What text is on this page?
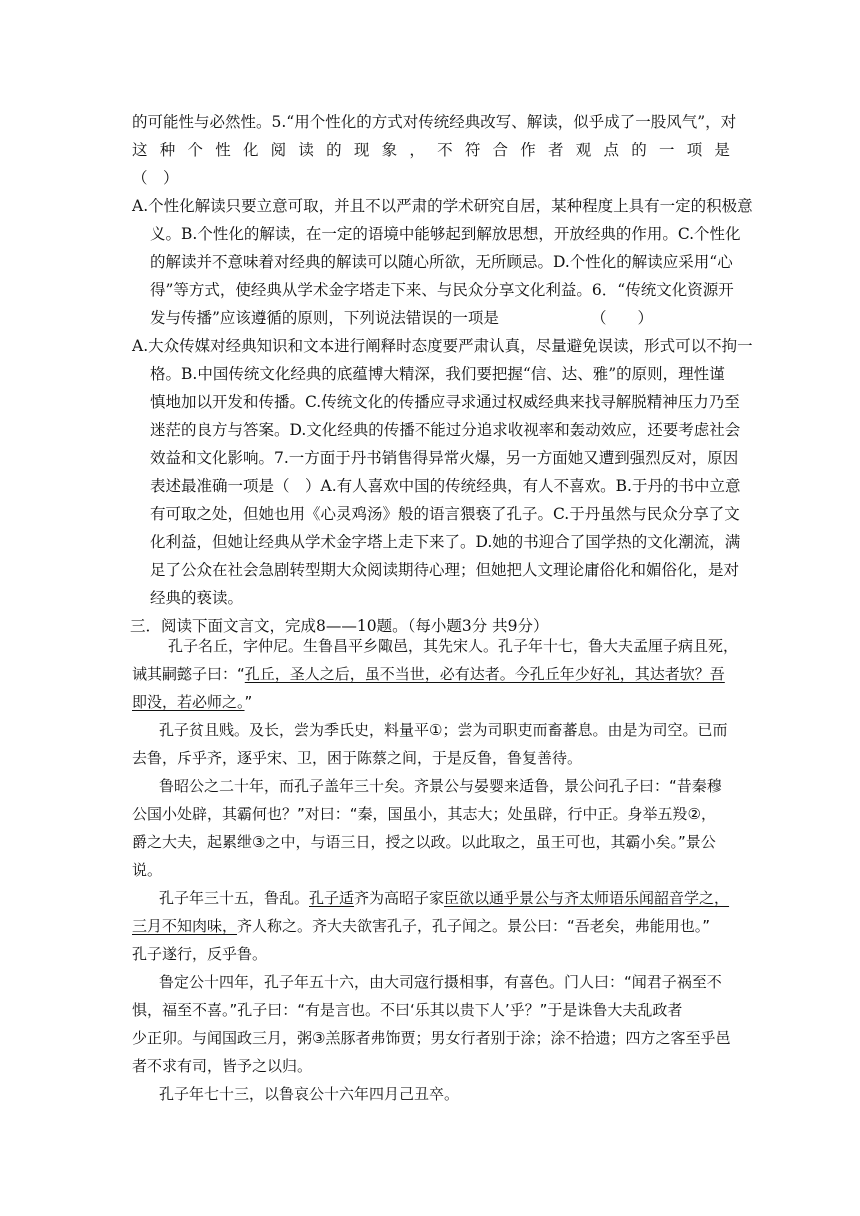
的可能性与必然性。5.“用个性化的方式对传统经典改写、解读，似乎成了一股风气”，对
这 种 个 性 化 阅 读 的 现 象 ， 不 符 合 作 者 观 点 的 一 项 是
（　）
A.个性化解读只要立意可取，并且不以严肃的学术研究自居，某种程度上具有一定的积极意
义。B.个性化的解读，在一定的语境中能够起到解放思想，开放经典的作用。C.个性化
的解读并不意味着对经典的解读可以随心所欲，无所顾忌。D.个性化的解读应采用“心
得”等方式，使经典从学术金字塔走下来、与民众分享文化利益。6．“传统文化资源开
发与传播”应该遵循的原则，下列说法错误的一项是	（　　）
A.大众传媒对经典知识和文本进行阐释时态度要严肃认真，尽量避免误读，形式可以不拘一
格。B.中国传统文化经典的底蕴博大精深，我们要把握“信、达、雅”的原则，理性谨
慎地加以开发和传播。C.传统文化的传播应寻求通过权威经典来找寻解脱精神压力乃至
迷茫的良方与答案。D.文化经典的传播不能过分追求收视率和轰动效应，还要考虑社会
效益和文化影响。7.一方面于丹书销售得异常火爆，另一方面她又遭到强烈反对，原因
表述最准确一项是（　）A.有人喜欢中国的传统经典，有人不喜欢。B.于丹的书中立意
有可取之处，但她也用《心灵鸡汤》般的语言猥亵了孔子。C.于丹虽然与民众分享了文
化利益，但她让经典从学术金字塔上走下来了。D.她的书迎合了国学热的文化潮流，满
足了公众在社会急剧转型期大众阅读期待心理；但她把人文理论庸俗化和媚俗化，是对
经典的亵读。
三．阅读下面文言文，完成8——10题。（每小题3分 共9分）
孔子名丘，字仲尼。生鲁昌平乡陬邑，其先宋人。孔子年十七，鲁大夫孟厘子病且死，
诫其嗣懿子曰：“孔丘，圣人之后，虽不当世，必有达者。今孔丘年少好礼，其达者欤？吾
即没，若必师之。”
孔子贫且贱。及长，尝为季氏史，料量平①；尝为司职吏而畜蕃息。由是为司空。已而
去鲁，斥乎齐，逐乎宋、卫，困于陈蔡之间，于是反鲁，鲁复善待。
鲁昭公之二十年，而孔子盖年三十矣。齐景公与晏婴来适鲁，景公问孔子曰：“昔秦穆
公国小处辟，其霸何也？”对曰：“秦，国虽小，其志大；处虽辟，行中正。身举五羖②，
爵之大夫，起累绁③之中，与语三日，授之以政。以此取之，虽王可也，其霸小矣。”景公
说。
孔子年三十五，鲁乱。孔子适齐为高昭子家臣欲以通乎景公与齐太师语乐闻韶音学之，
三月不知肉味，齐人称之。齐大夫欲害孔子，孔子闻之。景公曰：“吾老矣，弗能用也。”
孔子遂行，反乎鲁。
鲁定公十四年，孔子年五十六，由大司寇行摄相事，有喜色。门人曰：“闻君子祸至不
惧，福至不喜。”孔子曰：“有是言也。不曰‘乐其以贵下人’乎？”于是诛鲁大夫乱政者
少正卯。与闻国政三月，粥③羔豚者弗饰贾；男女行者别于涂；涂不拾遗；四方之客至乎邑
者不求有司，皆予之以归。
孔子年七十三，以鲁哀公十六年四月己丑卒。
